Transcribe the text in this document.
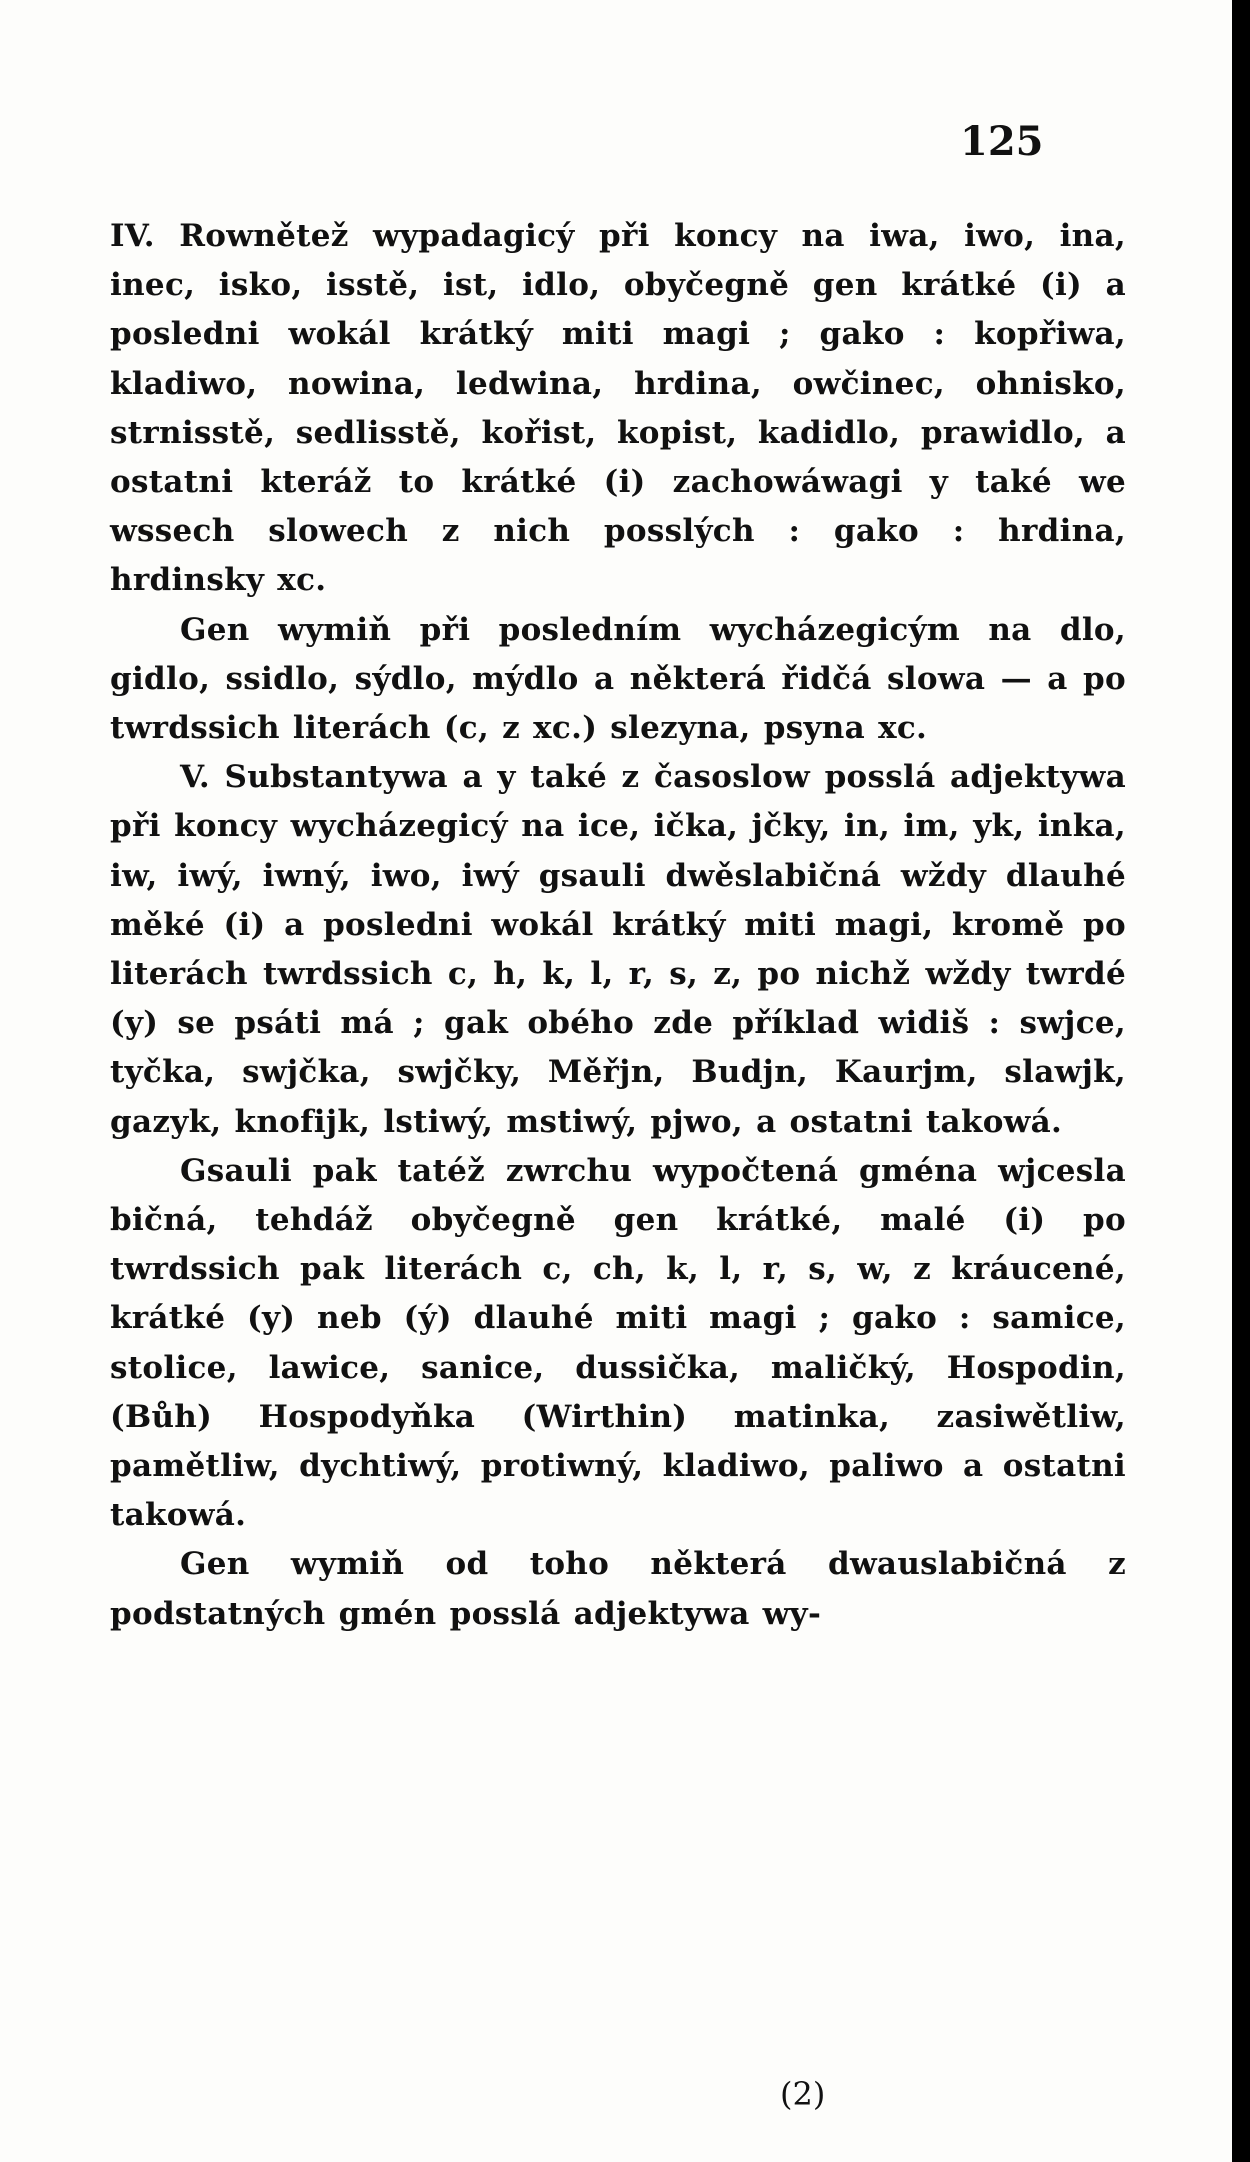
125

IV. Rownětež wypadagicý při koncy na iwa, iwo, ina, inec, isko, isstě, ist, idlo, obyčegně gen krátké (i) a posledni wokál krátký miti magi ; gako : kopřiwa, kladiwo, nowina, ledwina, hrdina, owčinec, ohnisko, strnisstě, sedlisstě, kořist, kopist, kadidlo, prawidlo, a ostatni kteráž to krátké (i) zachowáwagi y také we wssech slowech z nich posslých : gako : hrdina, hrdinsky xc.

Gen wymiň při posledním wycházegicým na dlo, gidlo, ssidlo, sýdlo, mýdlo a některá řidčá slowa — a po twrdssich literách (c, z xc.) slezyna, psyna xc.

V. Substantywa a y také z časoslow posslá adjektywa při koncy wycházegicý na ice, ička, jčky, in, im, yk, inka, iw, iwý, iwný, iwo, iwý gsauli dwěslabičná wždy dlauhé měké (i) a posledni wokál krátký miti magi, kromě po literách twrdssich c, h, k, l, r, s, z, po nichž wždy twrdé (y) se psáti má ; gak obého zde příklad widiš : swjce, tyčka, swjčka, swjčky, Měřjn, Budjn, Kaurjm, slawjk, gazyk, knofijk, lstiwý, mstiwý, pjwo, a ostatni takowá.

Gsauli pak tatéž zwrchu wypočtená gména wjcesla bičná, tehdáž obyčegně gen krátké, malé (i) po twrdssich pak literách c, ch, k, l, r, s, w, z kráucené, krátké (y) neb (ý) dlauhé miti magi ; gako : samice, stolice, lawice, sanice, dussička, maličký, Hospodin, (Bůh) Hospodyňka (Wirthin) matinka, zasiwětliw, pamětliw, dychtiwý, protiwný, kladiwo, paliwo a ostatni takowá.

Gen wymiň od toho některá dwauslabičná z podstatných gmén posslá adjektywa wy-

(2)
